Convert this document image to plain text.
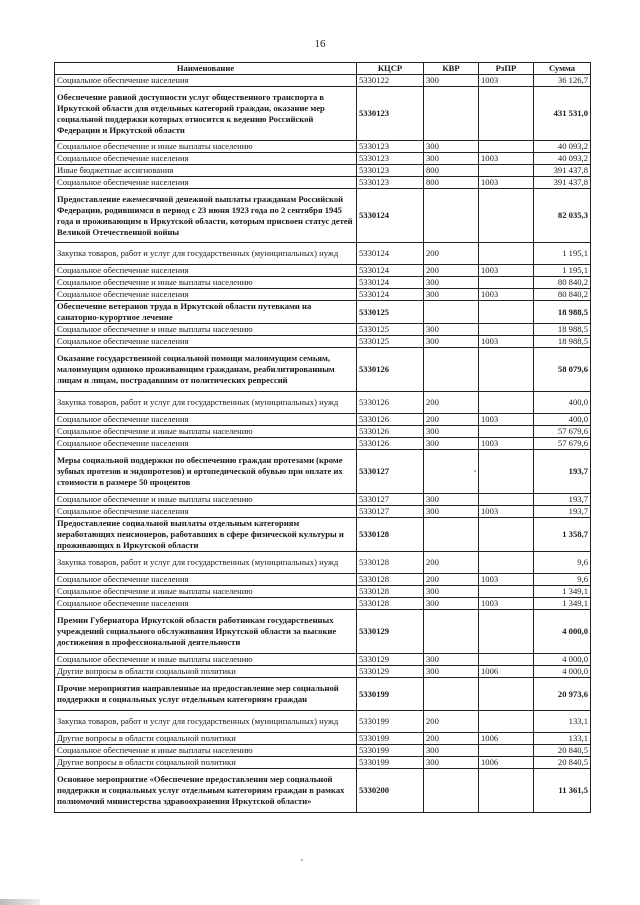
16
Наименование	КЦСР	КВР	РзПР	Сумма
Социальное обеспечение населения	5330122	300	1003	36 126,7
Обеспечение равной доступности услуг общественного транспорта в Иркутской области для отдельных категорий граждан, оказание мер социальной поддержки которых относится к ведению Российской Федерации и Иркутской области	5330123			431 531,0
Социальное обеспечение и иные выплаты населению	5330123	300		40 093,2
Социальное обеспечение населения	5330123	300	1003	40 093,2
Иные бюджетные ассигнования	5330123	800		391 437,8
Социальное обеспечение населения	5330123	800	1003	391 437,8
Предоставление ежемесячной денежной выплаты гражданам Российской Федерации, родившимся в период с 23 июня 1923 года по 2 сентября 1945 года и проживающим в Иркутской области, которым присвоен статус детей Великой Отечественной войны	5330124			82 035,3
Закупка товаров, работ и услуг для государственных (муниципальных) нужд	5330124	200		1 195,1
Социальное обеспечение населения	5330124	200	1003	1 195,1
Социальное обеспечение и иные выплаты населению	5330124	300		80 840,2
Социальное обеспечение населения	5330124	300	1003	80 840,2
Обеспечение ветеранов труда в Иркутской области путевками на санаторно-курортное лечение	5330125			18 988,5
Социальное обеспечение и иные выплаты населению	5330125	300		18 988,5
Социальное обеспечение населения	5330125	300	1003	18 988,5
Оказание государственной социальной помощи малоимущим семьям, малоимущим одиноко проживающим гражданам, реабилитированным лицам и лицам, пострадавшим от политических репрессий	5330126			58 079,6
Закупка товаров, работ и услуг для государственных (муниципальных) нужд	5330126	200		400,0
Социальное обеспечение населения	5330126	200	1003	400,0
Социальное обеспечение и иные выплаты населению	5330126	300		57 679,6
Социальное обеспечение населения	5330126	300	1003	57 679,6
Меры социальной поддержки по обеспечению граждан протезами (кроме зубных протезов и эндопротезов) и ортопедической обувью при оплате их стоимости в размере 50 процентов	5330127			193,7
Социальное обеспечение и иные выплаты населению	5330127	300		193,7
Социальное обеспечение населения	5330127	300	1003	193,7
Предоставление социальной выплаты отдельным категориям неработающих пенсионеров, работавших в сфере физической культуры и проживающих в Иркутской области	5330128			1 358,7
Закупка товаров, работ и услуг для государственных (муниципальных) нужд	5330128	200		9,6
Социальное обеспечение населения	5330128	200	1003	9,6
Социальное обеспечение и иные выплаты населению	5330128	300		1 349,1
Социальное обеспечение населения	5330128	300	1003	1 349,1
Премии Губернатора Иркутской области работникам государственных учреждений социального обслуживания Иркутской области за высокие достижения в профессиональной деятельности	5330129			4 000,0
Социальное обеспечение и иные выплаты населению	5330129	300		4 000,0
Другие вопросы в области социальной политики	5330129	300	1006	4 000,0
Прочие мероприятия направленные на предоставление мер социальной поддержки и социальных услуг отдельным категориям граждан	5330199			20 973,6
Закупка товаров, работ и услуг для государственных (муниципальных) нужд	5330199	200		133,1
Другие вопросы в области социальной политики	5330199	200	1006	133,1
Социальное обеспечение и иные выплаты населению	5330199	300		20 840,5
Другие вопросы в области социальной политики	5330199	300	1006	20 840,5
Основное мероприятие «Обеспечение предоставления мер социальной поддержки и социальных услуг отдельным категориям граждан в рамках полномочий министерства здравоохранения Иркутской области»	5330200			11 361,5
